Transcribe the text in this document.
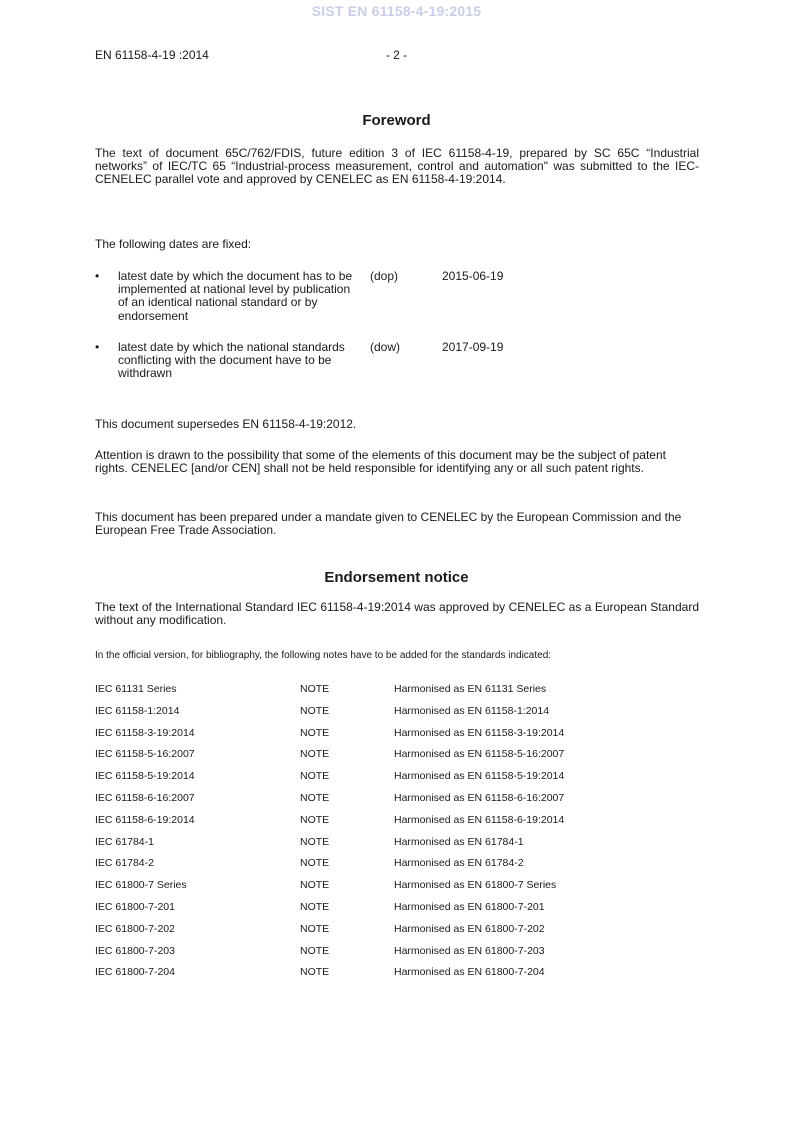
SIST EN 61158-4-19:2015
EN 61158-4-19 :2014	- 2 -
Foreword

The text of document 65C/762/FDIS, future edition 3 of IEC 61158-4-19, prepared by SC 65C “Industrial networks” of IEC/TC 65 “Industrial-process measurement, control and automation" was submitted to the IEC-CENELEC parallel vote and approved by CENELEC as EN 61158-4-19:2014.

The following dates are fixed:

• latest date by which the document has to be implemented at national level by publication of an identical national standard or by endorsement
(dop)	2015-06-19
• latest date by which the national standards conflicting with the document have to be withdrawn
(dow)	2017-09-19

This document supersedes EN 61158-4-19:2012.

Attention is drawn to the possibility that some of the elements of this document may be the subject of patent rights. CENELEC [and/or CEN] shall not be held responsible for identifying any or all such patent rights.

This document has been prepared under a mandate given to CENELEC by the European Commission and the European Free Trade Association.

Endorsement notice

The text of the International Standard IEC 61158-4-19:2014 was approved by CENELEC as a European Standard without any modification.

In the official version, for bibliography, the following notes have to be added for the standards indicated:
IEC 61131 Series	NOTE	Harmonised as EN 61131 Series
IEC 61158-1:2014	NOTE	Harmonised as EN 61158-1:2014
IEC 61158-3-19:2014	NOTE	Harmonised as EN 61158-3-19:2014
IEC 61158-5-16:2007	NOTE	Harmonised as EN 61158-5-16:2007
IEC 61158-5-19:2014	NOTE	Harmonised as EN 61158-5-19:2014
IEC 61158-6-16:2007	NOTE	Harmonised as EN 61158-6-16:2007
IEC 61158-6-19:2014	NOTE	Harmonised as EN 61158-6-19:2014
IEC 61784-1	NOTE	Harmonised as EN 61784-1
IEC 61784-2	NOTE	Harmonised as EN 61784-2
IEC 61800-7 Series	NOTE	Harmonised as EN 61800-7 Series
IEC 61800-7-201	NOTE	Harmonised as EN 61800-7-201
IEC 61800-7-202	NOTE	Harmonised as EN 61800-7-202
IEC 61800-7-203	NOTE	Harmonised as EN 61800-7-203
IEC 61800-7-204	NOTE	Harmonised as EN 61800-7-204
